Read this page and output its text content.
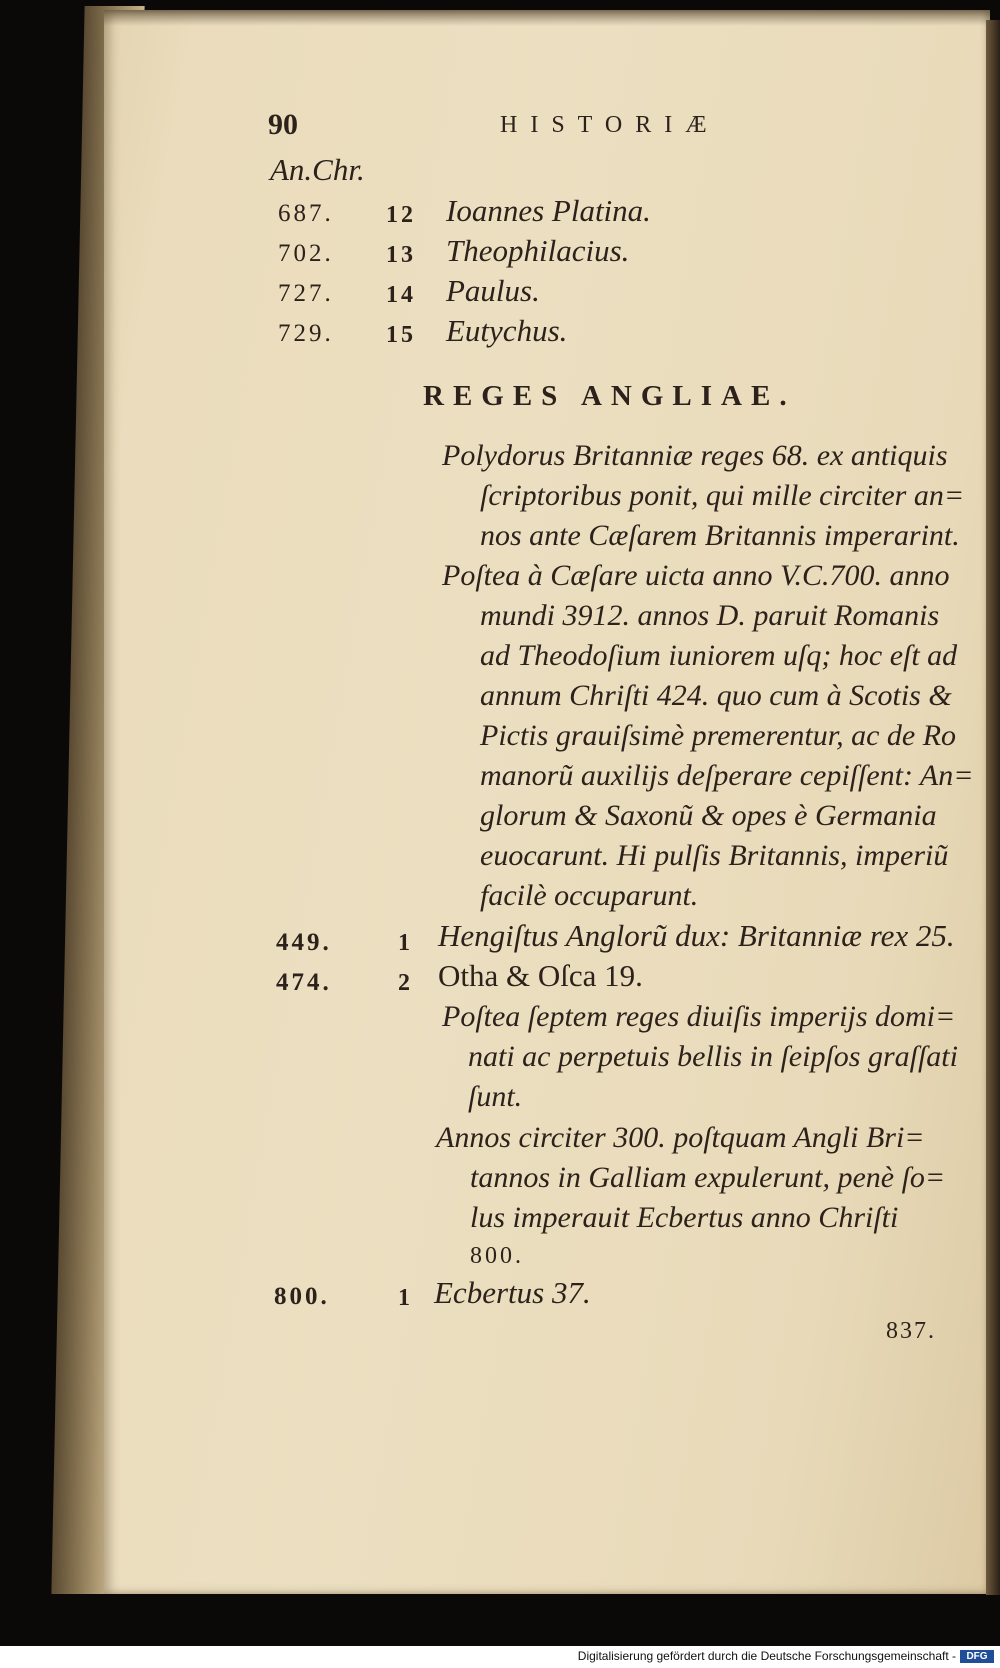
90	HISTORIÆ
An.Chr.
687. 12 Ioannes Platina.
702. 13 Theophilacius.
727. 14 Paulus.
729. 15 Eutychus.
REGES ANGLIAE.
Polydorus Britanniæ reges 68. ex antiquis
ſcriptoribus ponit, qui mille circiter an=
nos ante Cæſarem Britannis imperarint.
Poſtea à Cæſare uicta anno V.C.700. anno
mundi 3912. annos D. paruit Romanis
ad Theodoſium iuniorem uſq; hoc eſt ad
annum Chriſti 424. quo cum à Scotis &
Pictis grauiſsimè premerentur, ac de Ro
manorũ auxilijs deſperare cepiſſent: An=
glorum & Saxonũ & opes è Germania
euocarunt. Hi pulſis Britannis, imperiũ
facilè occuparunt.
449.	1 Hengiſtus Anglorũ dux: Britanniæ rex 25.
474.	2 Otha & Oſca 19.
Poſtea ſeptem reges diuiſis imperijs domi=
nati ac perpetuis bellis in ſeipſos graſſati
ſunt.
Annos circiter 300. poſtquam Angli Bri=
tannos in Galliam expulerunt, penè ſo=
lus imperauit Ecbertus anno Chriſti
800.
800.	1 Ecbertus 37.
837.
Digitalisierung gefördert durch die Deutsche Forschungsgemeinschaft -	DFG
